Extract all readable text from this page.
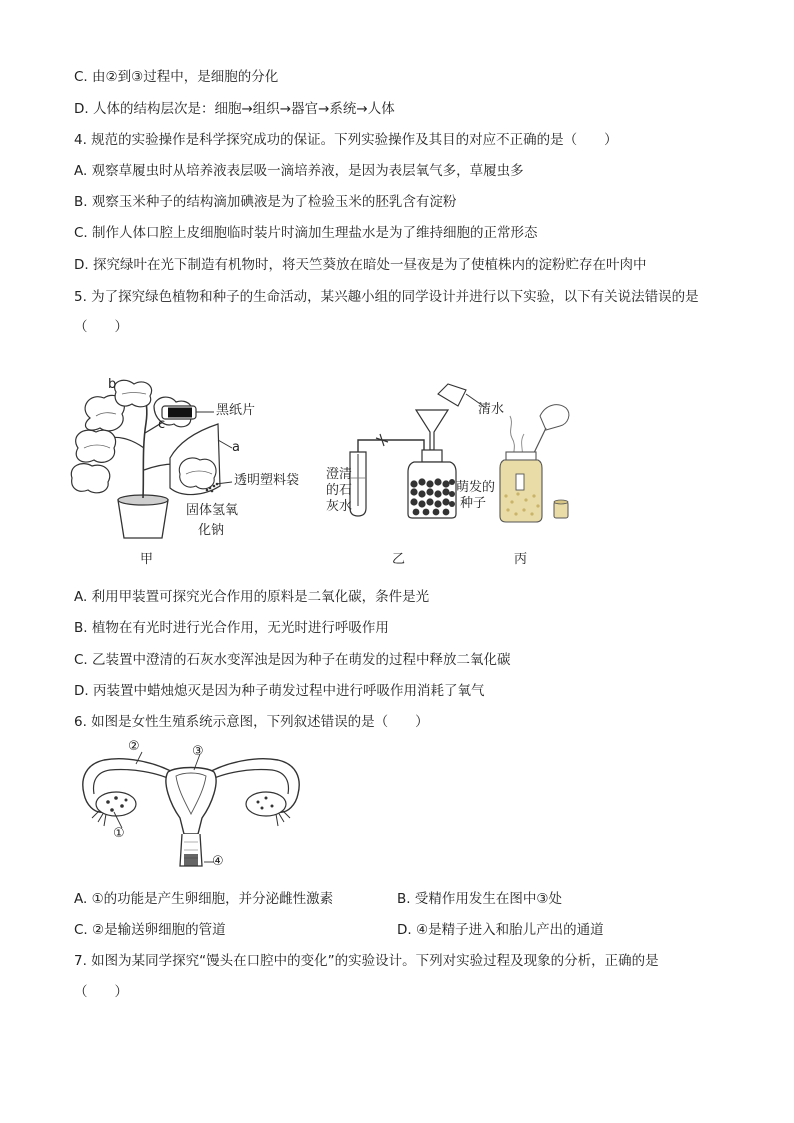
C. 由②到③过程中，是细胞的分化
D. 人体的结构层次是：细胞→组织→器官→系统→人体
4. 规范的实验操作是科学探究成功的保证。下列实验操作及其目的对应不正确的是（　　）
A. 观察草履虫时从培养液表层吸一滴培养液，是因为表层氧气多，草履虫多
B. 观察玉米种子的结构滴加碘液是为了检验玉米的胚乳含有淀粉
C. 制作人体口腔上皮细胞临时装片时滴加生理盐水是为了维持细胞的正常形态
D. 探究绿叶在光下制造有机物时，将天竺葵放在暗处一昼夜是为了使植株内的淀粉贮存在叶肉中
5. 为了探究绿色植物和种子的生命活动，某兴趣小组的同学设计并进行以下实验，以下有关说法错误的是
（　　）
b
c
a
黑纸片
透明塑料袋
固体氢氧
化钠
甲
清水
澄清
的石
灰水
萌发的
种子
乙	丙
A. 利用甲装置可探究光合作用的原料是二氧化碳，条件是光
B. 植物在有光时进行光合作用，无光时进行呼吸作用
C. 乙装置中澄清的石灰水变浑浊是因为种子在萌发的过程中释放二氧化碳
D. 丙装置中蜡烛熄灭是因为种子萌发过程中进行呼吸作用消耗了氧气
6. 如图是女性生殖系统示意图，下列叙述错误的是（　　）
②	③
①
④
A. ①的功能是产生卵细胞，并分泌雌性激素	B. 受精作用发生在图中③处
C. ②是输送卵细胞的管道	D. ④是精子进入和胎儿产出的通道
7. 如图为某同学探究“馒头在口腔中的变化”的实验设计。下列对实验过程及现象的分析，正确的是
（　　）
